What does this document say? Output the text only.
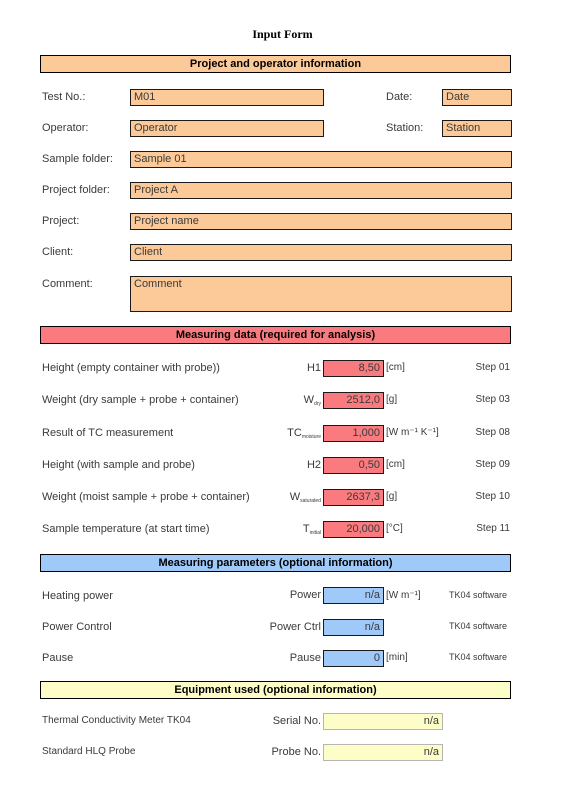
Input Form
Project and operator information
Test No.:	M01	Date:	Date
Operator:	Operator	Station:	Station
Sample folder:	Sample 01
Project folder:	Project A
Project:	Project name
Client:	Client
Comment:	Comment
Measuring data (required for analysis)
Height (empty container with probe))	H1	8,50 [cm]	Step 01
Weight (dry sample + probe + container)	$W_{dry}$	2512,0 [g]	Step 03
Result of TC measurement	$TC_{moisture}$	1,000 [W m⁻¹ K⁻¹]	Step 08
Height (with sample and probe)	H2	0,50 [cm]	Step 09
Weight (moist sample + probe + container)	$W_{saturated}$	2637,3 [g]	Step 10
Sample temperature (at start time)	$T_{initial}$	20,000 [°C]	Step 11
Measuring parameters (optional information)
Heating power	Power	n/a [W m⁻¹]	TK04 software
Power Control	Power Ctrl	n/a	TK04 software
Pause	Pause	0 [min]	TK04 software
Equipment used (optional information)
Thermal Conductivity Meter TK04	Serial No.	n/a
Standard HLQ Probe	Probe No.	n/a
